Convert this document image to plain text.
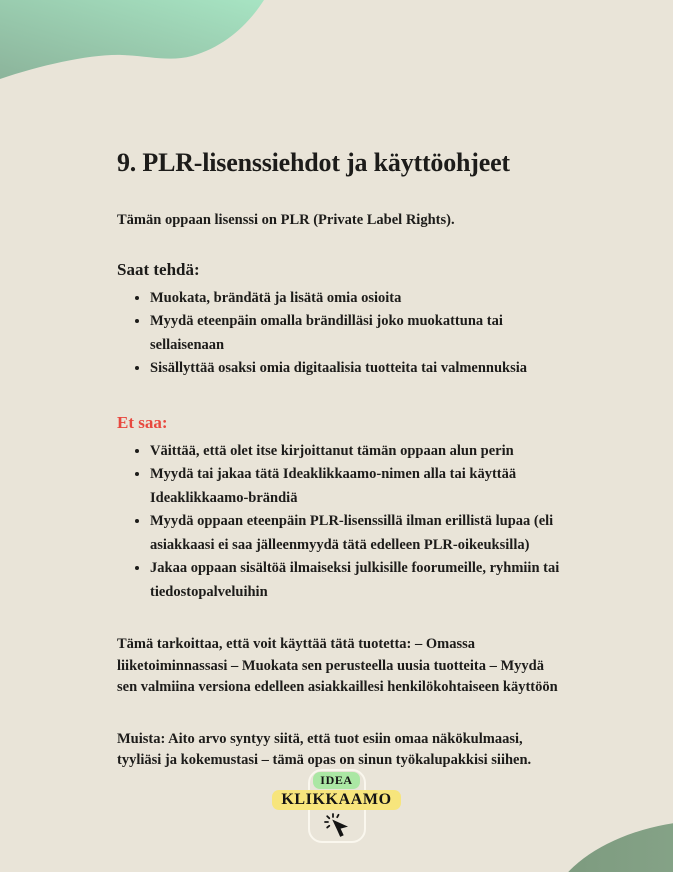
9. PLR-lisenssiehdot ja käyttöohjeet

Tämän oppaan lisenssi on PLR (Private Label Rights).

Saat tehdä:
• Muokata, brändätä ja lisätä omia osioita
• Myydä eteenpäin omalla brändilläsi joko muokattuna tai sellaisenaan
• Sisällyttää osaksi omia digitaalisia tuotteita tai valmennuksia
Et saa:
• Väittää, että olet itse kirjoittanut tämän oppaan alun perin
• Myydä tai jakaa tätä Ideaklikkaamo-nimen alla tai käyttää Ideaklikkaamo-brändiä
• Myydä oppaan eteenpäin PLR-lisenssillä ilman erillistä lupaa (eli asiakkaasi ei saa jälleenmyydä tätä edelleen PLR-oikeuksilla)
• Jakaa oppaan sisältöä ilmaiseksi julkisille foorumeille, ryhmiin tai tiedostopalveluihin

Tämä tarkoittaa, että voit käyttää tätä tuotetta: – Omassa liiketoiminnassasi – Muokata sen perusteella uusia tuotteita – Myydä sen valmiina versiona edelleen asiakkaillesi henkilökohtaiseen käyttöön

Muista: Aito arvo syntyy siitä, että tuot esiin omaa näkökulmaasi, tyyliäsi ja kokemustasi – tämä opas on sinun työkalupakkisi siihen.

IDEA
KLIKKAAMO
